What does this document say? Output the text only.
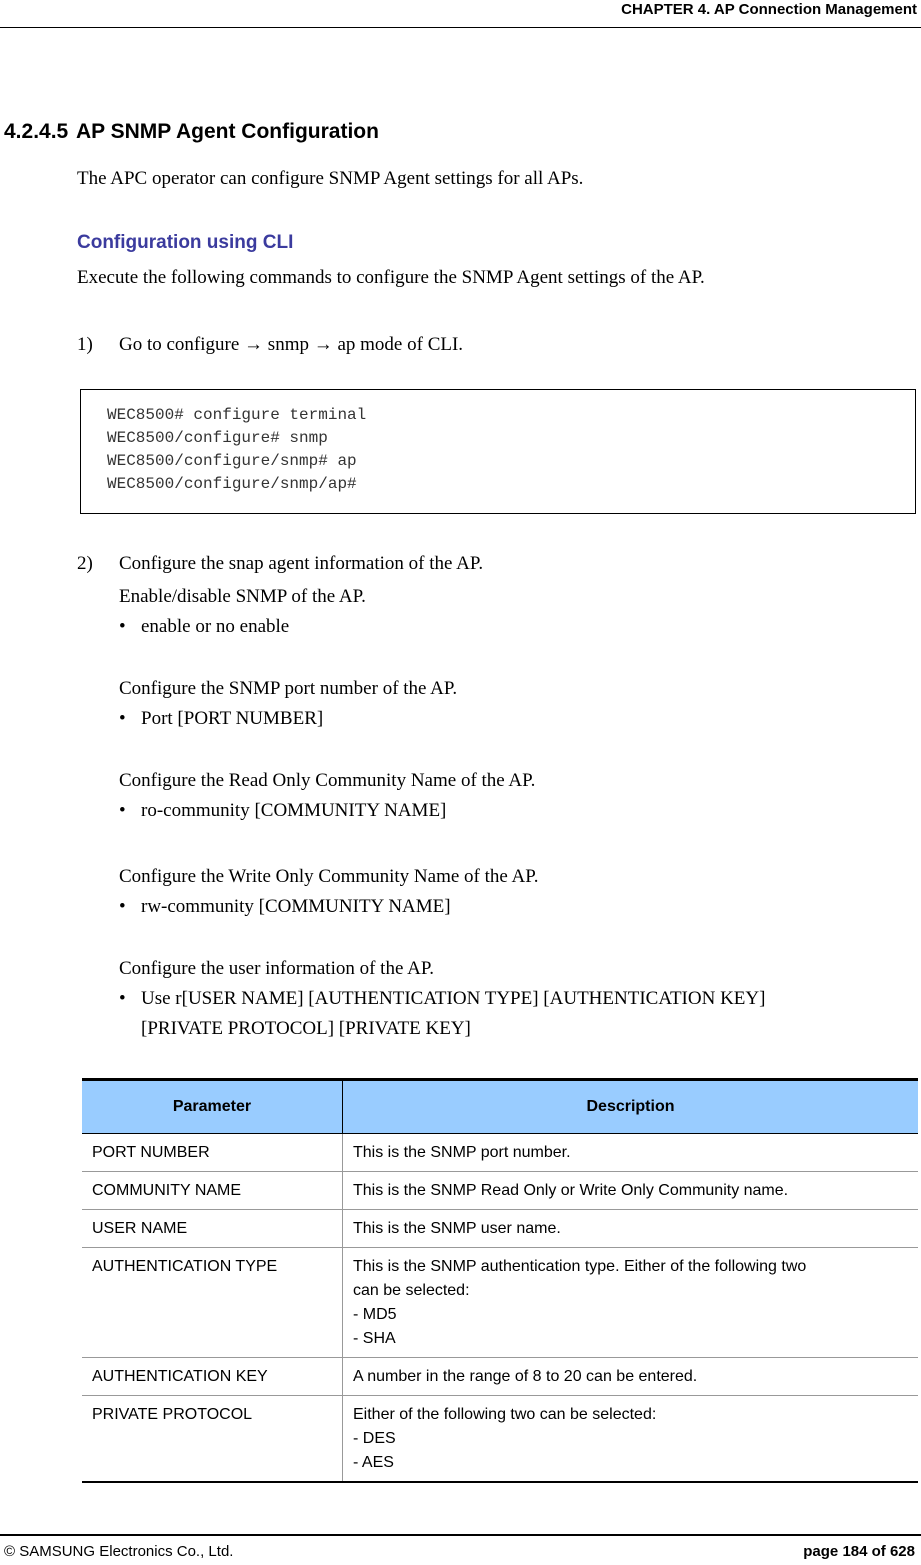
CHAPTER 4. AP Connection Management
4.2.4.5 AP SNMP Agent Configuration
The APC operator can configure SNMP Agent settings for all APs.
Configuration using CLI
Execute the following commands to configure the SNMP Agent settings of the AP.
1) Go to configure → snmp → ap mode of CLI.
WEC8500# configure terminal
WEC8500/configure# snmp
WEC8500/configure/snmp# ap
WEC8500/configure/snmp/ap#
2) Configure the snap agent information of the AP.
Enable/disable SNMP of the AP.
• enable or no enable
Configure the SNMP port number of the AP.
• Port [PORT NUMBER]
Configure the Read Only Community Name of the AP.
• ro-community [COMMUNITY NAME]
Configure the Write Only Community Name of the AP.
• rw-community [COMMUNITY NAME]
Configure the user information of the AP.
• Use r[USER NAME] [AUTHENTICATION TYPE] [AUTHENTICATION KEY]
[PRIVATE PROTOCOL] [PRIVATE KEY]
Parameter	Description
PORT NUMBER	This is the SNMP port number.

COMMUNITY NAME	This is the SNMP Read Only or Write Only Community name.

USER NAME	This is the SNMP user name.

AUTHENTICATION TYPE	This is the SNMP authentication type. Either of the following two
can be selected:
- MD5
- SHA

AUTHENTICATION KEY	A number in the range of 8 to 20 can be entered.

PRIVATE PROTOCOL	Either of the following two can be selected:
- DES
- AES
© SAMSUNG Electronics Co., Ltd.	page 184 of 628
